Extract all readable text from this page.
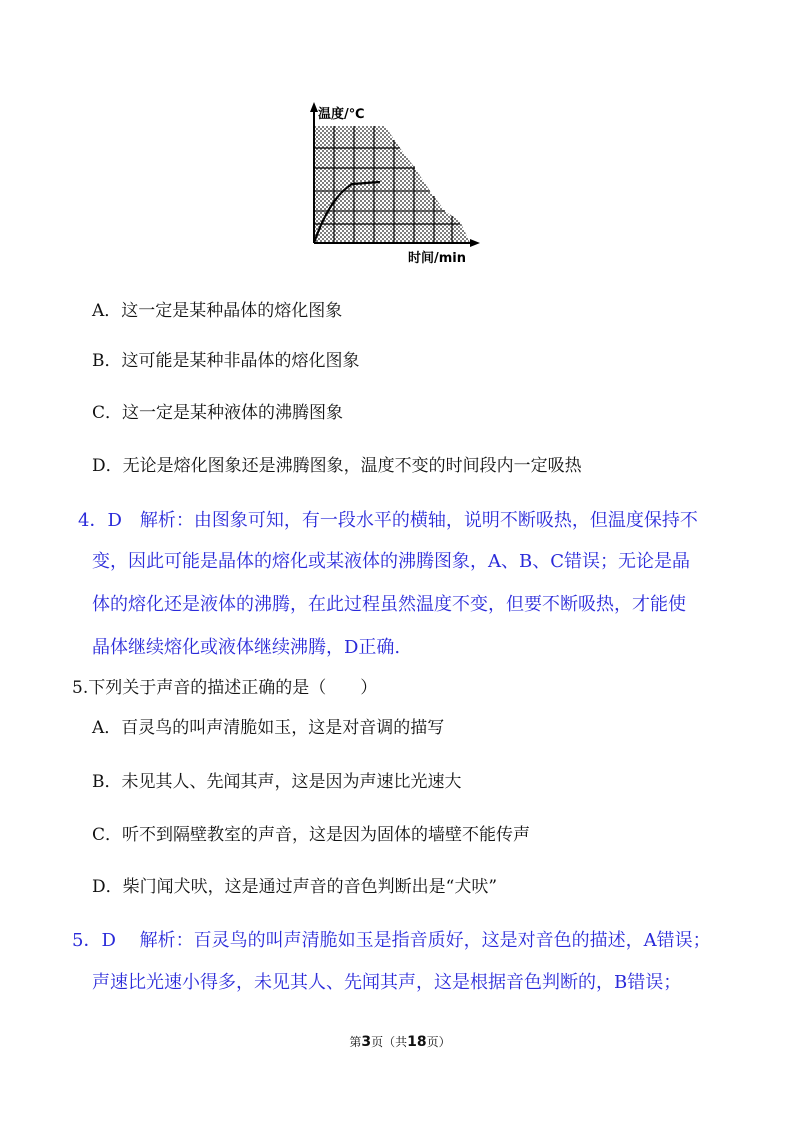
温度/℃
时间/min
A．这一定是某种晶体的熔化图象
B．这可能是某种非晶体的熔化图象
C．这一定是某种液体的沸腾图象
D．无论是熔化图象还是沸腾图象，温度不变的时间段内一定吸热
4．D　解析：由图象可知，有一段水平的横轴，说明不断吸热，但温度保持不
变，因此可能是晶体的熔化或某液体的沸腾图象，A、B、C错误；无论是晶
体的熔化还是液体的沸腾，在此过程虽然温度不变，但要不断吸热，才能使
晶体继续熔化或液体继续沸腾，D正确.
5.下列关于声音的描述正确的是（　　）
A．百灵鸟的叫声清脆如玉，这是对音调的描写
B．未见其人、先闻其声，这是因为声速比光速大
C．听不到隔壁教室的声音，这是因为固体的墙壁不能传声
D．柴门闻犬吠，这是通过声音的音色判断出是“犬吠”
5．D　 解析：百灵鸟的叫声清脆如玉是指音质好，这是对音色的描述，A错误；
声速比光速小得多，未见其人、先闻其声，这是根据音色判断的，B错误；
第3页（共18页）
